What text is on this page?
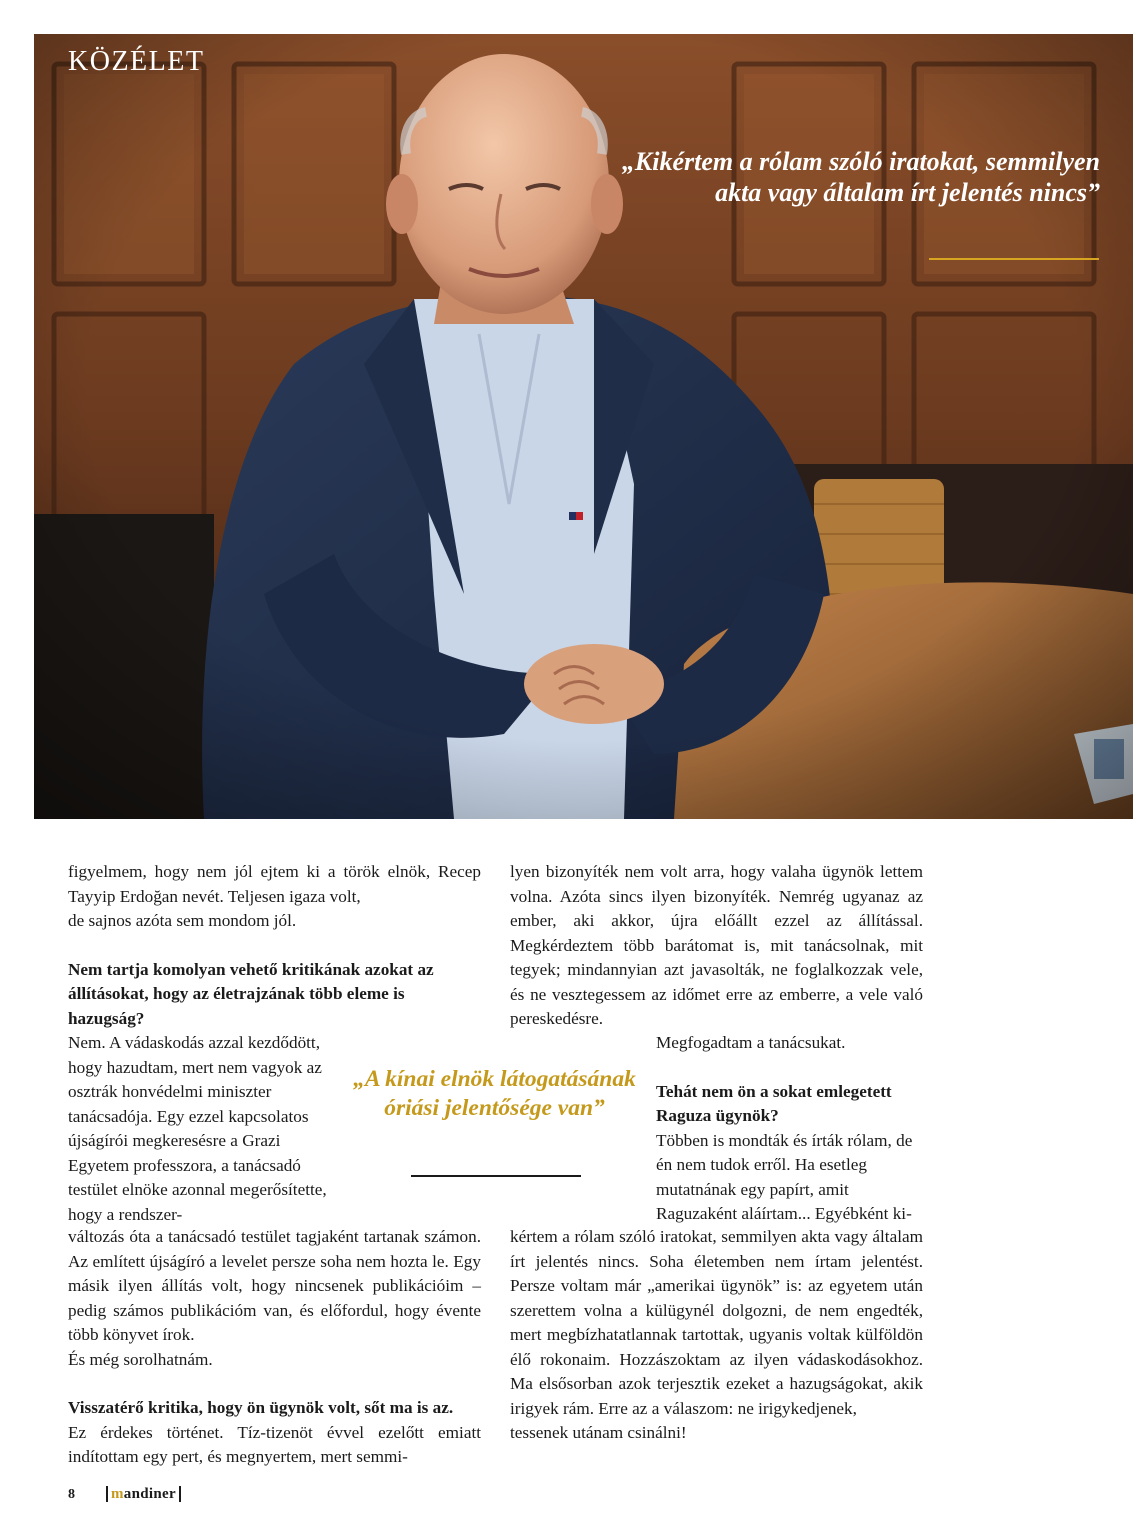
KÖZÉLET
„Kikértem a rólam szóló iratokat, semmilyen akta vagy általam írt jelentés nincs”

figyelmem, hogy nem jól ejtem ki a török elnök, Recep Tayyip Erdoğan nevét. Teljesen igaza volt,

de sajnos azóta sem mondom jól.

Nem tartja komolyan vehető kritikának azokat az állításokat, hogy az életrajzának több eleme is hazugság?

Nem. A vádaskodás azzal kezdődött, hogy hazudtam, mert nem vagyok az osztrák honvédelmi miniszter tanácsadója. Egy ezzel kapcsolatos újságírói megkeresésre a Grazi Egyetem professzora, a tanácsadó testület elnöke azonnal megerősítette, hogy a rendszer-

változás óta a tanácsadó testület tagjaként tartanak számon. Az említett újságíró a levelet persze soha nem hozta le. Egy másik ilyen állítás volt, hogy nincsenek publikációim – pedig számos publikációm van, és előfordul, hogy évente több könyvet írok.

És még sorolhatnám.

Visszatérő kritika, hogy ön ügynök volt, sőt ma is az.

Ez érdekes történet. Tíz-tizenöt évvel ezelőtt emiatt indítottam egy pert, és megnyertem, mert semmi-

lyen bizonyíték nem volt arra, hogy valaha ügynök lettem volna. Azóta sincs ilyen bizonyíték. Nemrég ugyanaz az ember, aki akkor, újra előállt ezzel az állítással. Megkérdeztem több barátomat is, mit tanácsolnak, mit tegyek; mindannyian azt javasolták, ne foglalkozzak vele, és ne vesztegessem az időmet erre az emberre, a vele való pereskedésre.

Megfogadtam a tanácsukat.

Tehát nem ön a sokat emlegetett Raguza ügynök?

Többen is mondták és írták rólam, de én nem tudok erről. Ha esetleg mutatnának egy papírt, amit Raguzaként aláírtam... Egyébként ki-

kértem a rólam szóló iratokat, semmilyen akta vagy általam írt jelentés nincs. Soha életemben nem írtam jelentést. Persze voltam már „amerikai ügynök” is: az egyetem után szerettem volna a külügynél dolgozni, de nem engedték, mert megbízhatatlannak tartottak, ugyanis voltak külföldön élő rokonaim. Hozzászoktam az ilyen vádaskodásokhoz. Ma elsősorban azok terjesztik ezeket a hazugságokat, akik irigyek rám. Erre az a válaszom: ne irigykedjenek,

tessenek utánam csinálni!

„A kínai elnök látogatásának óriási jelentősége van”
8	mandiner
